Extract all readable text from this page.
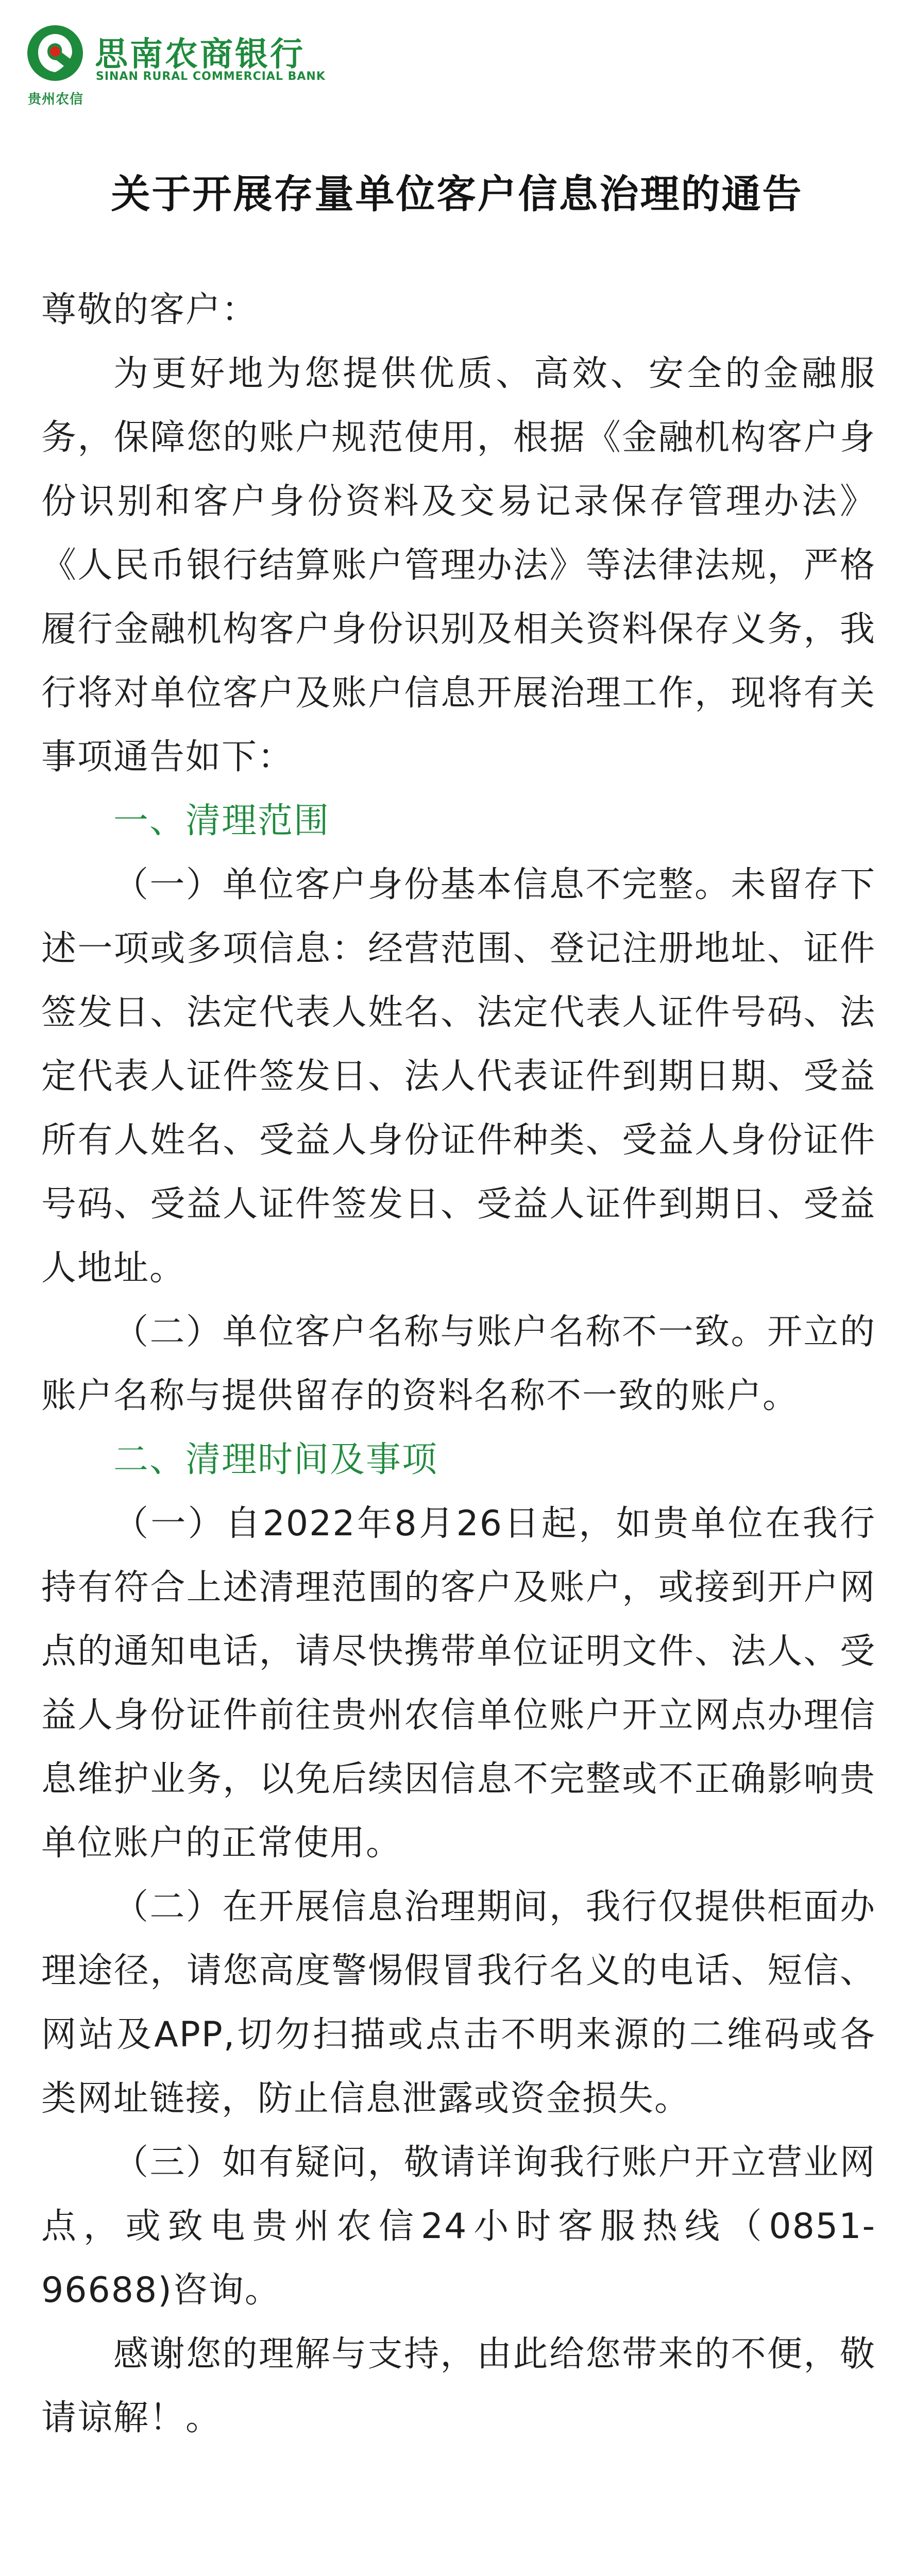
贵州农信
思南农商银行
SINAN RURAL COMMERCIAL BANK
关于开展存量单位客户信息治理的通告

尊敬的客户：

为更好地为您提供优质、高效、安全的金融服务，保障您的账户规范使用，根据《金融机构客户身份识别和客户身份资料及交易记录保存管理办法》《人民币银行结算账户管理办法》等法律法规，严格履行金融机构客户身份识别及相关资料保存义务，我行将对单位客户及账户信息开展治理工作，现将有关事项通告如下：

一、清理范围

（一）单位客户身份基本信息不完整。未留存下述一项或多项信息：经营范围、登记注册地址、证件签发日、法定代表人姓名、法定代表人证件号码、法定代表人证件签发日、法人代表证件到期日期、受益所有人姓名、受益人身份证件种类、受益人身份证件号码、受益人证件签发日、受益人证件到期日、受益人地址。

（二）单位客户名称与账户名称不一致。开立的账户名称与提供留存的资料名称不一致的账户。

二、清理时间及事项

（一）自2022年8月26日起，如贵单位在我行持有符合上述清理范围的客户及账户，或接到开户网点的通知电话，请尽快携带单位证明文件、法人、受益人身份证件前往贵州农信单位账户开立网点办理信息维护业务，以免后续因信息不完整或不正确影响贵单位账户的正常使用。

（二）在开展信息治理期间，我行仅提供柜面办理途径，请您高度警惕假冒我行名义的电话、短信、网站及APP,切勿扫描或点击不明来源的二维码或各类网址链接，防止信息泄露或资金损失。

（三）如有疑问，敬请详询我行账户开立营业网点，或致电贵州农信24小时客服热线（0851-96688)咨询。

感谢您的理解与支持，由此给您带来的不便，敬请谅解！。
